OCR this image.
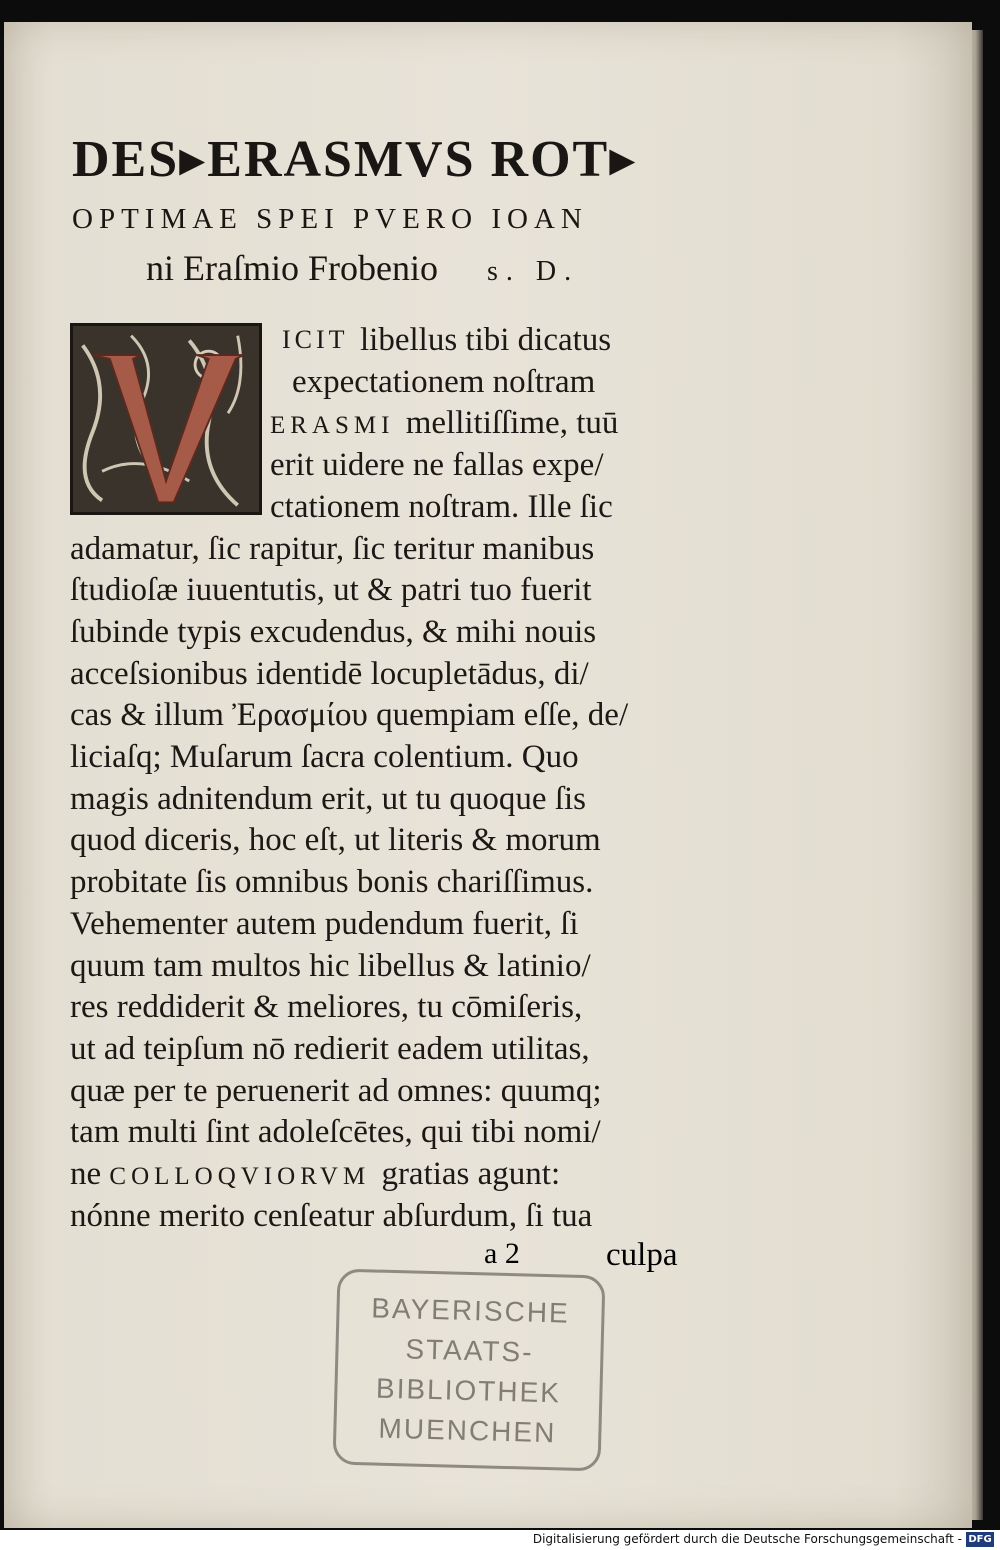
DES▸ERASMVS ROT▸
OPTIMAE SPEI PVERO IOAN
ni Eraſmio Frobenio s. D.
ICIT libellus tibi dicatus
expectationem noſtram
ERASMI mellitiſſime, tuū
erit uidere ne fallas expe/
ctationem noſtram. Ille ſic
adamatur, ſic rapitur, ſic teritur manibus
ſtudioſæ iuuentutis, ut & patri tuo fuerit
ſubinde typis excudendus, & mihi nouis
acceſsionibus identidē locupletādus, di/
cas & illum Ἐρασμίου quempiam eſſe, de/
liciaſq; Muſarum ſacra colentium. Quo
magis adnitendum erit, ut tu quoque ſis
quod diceris, hoc eſt, ut literis & morum
probitate ſis omnibus bonis chariſſimus.
Vehementer autem pudendum fuerit, ſi
quum tam multos hic libellus & latinio/
res reddiderit & meliores, tu cōmiſeris,
ut ad teipſum nō redierit eadem utilitas,
quæ per te peruenerit ad omnes: quumq;
tam multi ſint adoleſcētes, qui tibi nomi/
ne COLLOQVIORVM gratias agunt:
nónne merito cenſeatur abſurdum, ſi tua
a 2	culpa
BAYERISCHE
STAATS-
BIBLIOTHEK
MUENCHEN
Digitalisierung gefördert durch die Deutsche Forschungsgemeinschaft - DFG
